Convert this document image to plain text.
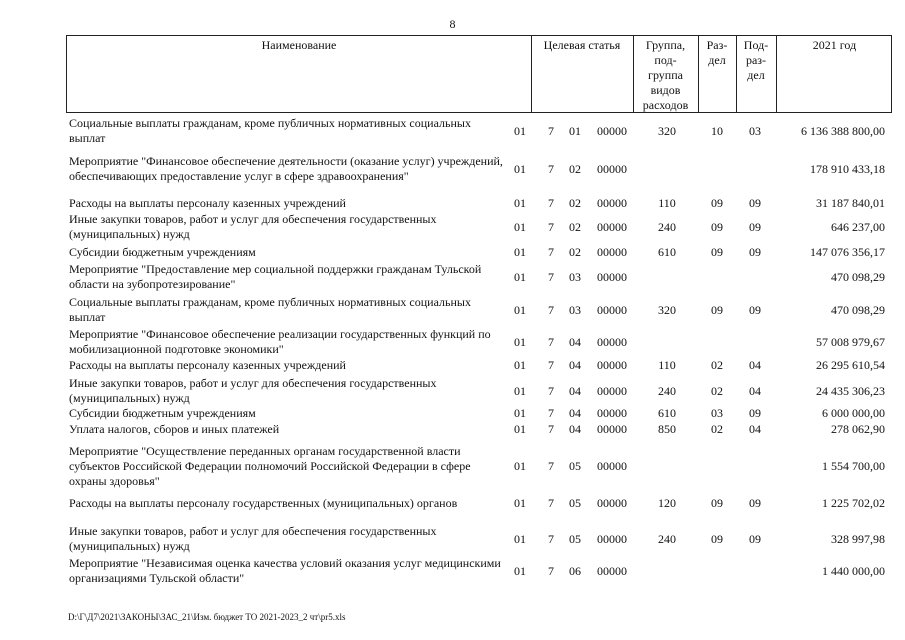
8
Наименование	Целевая статья	Группа,
под-
группа
видов
расходов
Раз-
дел
Под-
раз-
дел
2021 год
Социальные выплаты гражданам, кроме публичных нормативных социальных выплат
01 7 01 00000	320	10	03	6 136 388 800,00
Мероприятие "Финансовое обеспечение деятельности (оказание услуг) учреждений, обеспечивающих предоставление услуг в сфере здравоохранения"
01 7 02 00000	178 910 433,18
Расходы на выплаты персоналу казенных учреждений	01 7 02 00000	110	09	09	31 187 840,01
Иные закупки товаров, работ и услуг для обеспечения государственных (муниципальных) нужд
01 7 02 00000	240	09	09	646 237,00
Субсидии бюджетным учреждениям	01 7 02 00000	610	09	09	147 076 356,17
Мероприятие "Предоставление мер социальной поддержки гражданам Тульской области на зубопротезирование"
01 7 03 00000	470 098,29
Социальные выплаты гражданам, кроме публичных нормативных социальных выплат
01 7 03 00000	320	09	09	470 098,29
Мероприятие "Финансовое обеспечение реализации государственных функций по мобилизационной подготовке экономики"
01 7 04 00000	57 008 979,67
Расходы на выплаты персоналу казенных учреждений	01 7 04 00000	110	02	04	26 295 610,54
Иные закупки товаров, работ и услуг для обеспечения государственных (муниципальных) нужд
01 7 04 00000	240	02	04	24 435 306,23
Субсидии бюджетным учреждениям	01 7 04 00000	610	03	09	6 000 000,00
Уплата налогов, сборов и иных платежей	01 7 04 00000	850	02	04	278 062,90
Мероприятие "Осуществление переданных органам государственной власти субъектов Российской Федерации полномочий Российской Федерации в сфере охраны здоровья"
01 7 05 00000	1 554 700,00
Расходы на выплаты персоналу государственных (муниципальных) органов	01 7 05 00000	120	09	09	1 225 702,02
Иные закупки товаров, работ и услуг для обеспечения государственных (муниципальных) нужд
01 7 05 00000	240	09	09	328 997,98
Мероприятие "Независимая оценка качества условий оказания услуг медицинскими организациями Тульской области"
01 7 06 00000	1 440 000,00
D:\Г\Д7\2021\ЗАКОНЫ\ЗАС_21\Изм. бюджет ТО 2021-2023_2 чт\pr5.xls
